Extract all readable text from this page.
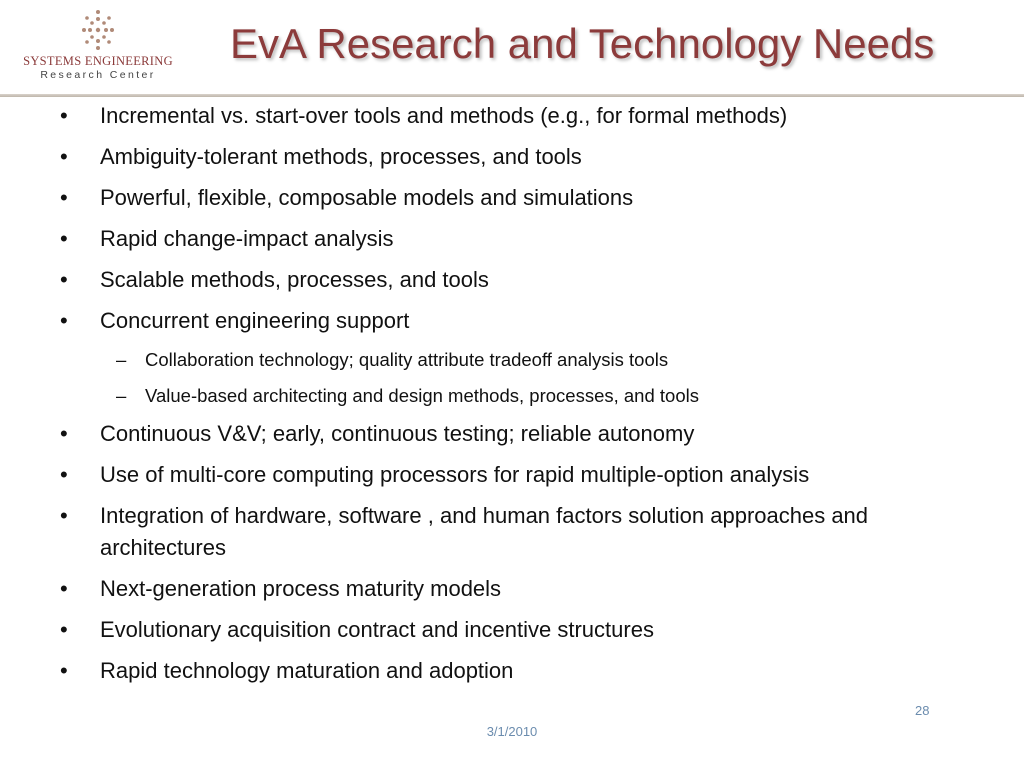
SYSTEMS ENGINEERING
Research Center
EvA Research and Technology Needs
• Incremental vs. start-over tools and methods (e.g., for formal methods)
• Ambiguity-tolerant methods, processes, and tools
• Powerful, flexible, composable models and simulations
• Rapid change-impact analysis
• Scalable methods, processes, and tools
• Concurrent engineering support
– Collaboration technology; quality attribute tradeoff analysis tools
– Value-based architecting and design methods, processes, and tools
• Continuous V&V; early, continuous testing; reliable autonomy
• Use of multi-core computing processors for rapid multiple-option analysis
• Integration of hardware, software , and human factors solution approaches and architectures
• Next-generation process maturity models
• Evolutionary acquisition contract and incentive structures
• Rapid technology maturation and adoption
28
3/1/2010
